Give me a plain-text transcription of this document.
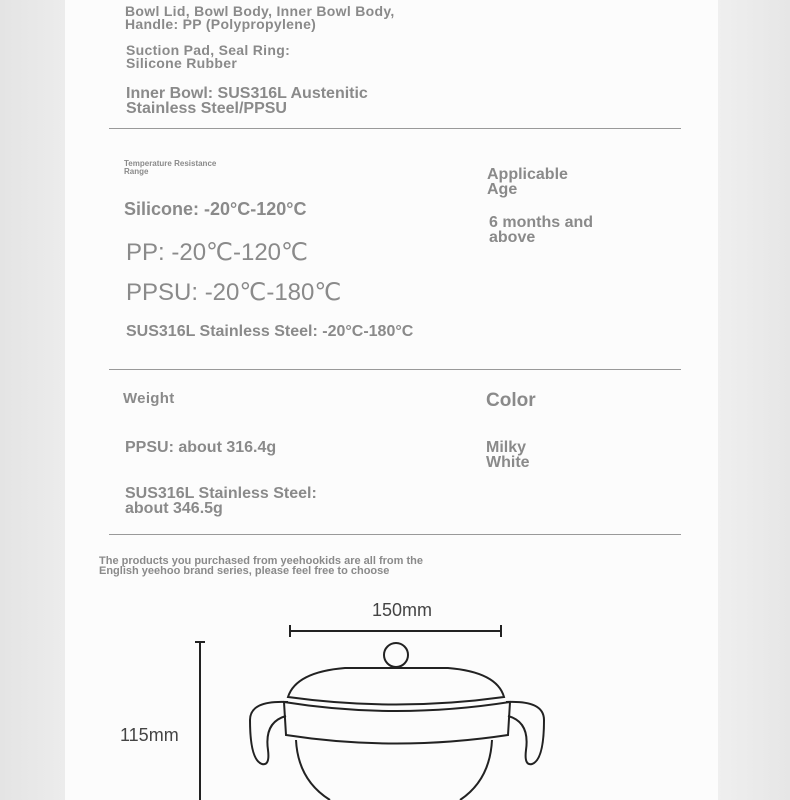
Bowl Lid, Bowl Body, Inner Bowl Body,
Handle: PP (Polypropylene)
Suction Pad, Seal Ring:
Silicone Rubber
Inner Bowl: SUS316L Austenitic
Stainless Steel/PPSU
Temperature Resistance
Range
Silicone: -20°C-120°C
PP: -20℃-120℃
PPSU: -20℃-180℃
SUS316L Stainless Steel: -20°C-180°C
Applicable
Age
6 months and
above
Weight
PPSU: about 316.4g
SUS316L Stainless Steel:
about 346.5g
Color
Milky
White
The products you purchased from yeehookids are all from the
English yeehoo brand series, please feel free to choose
150mm
115mm
